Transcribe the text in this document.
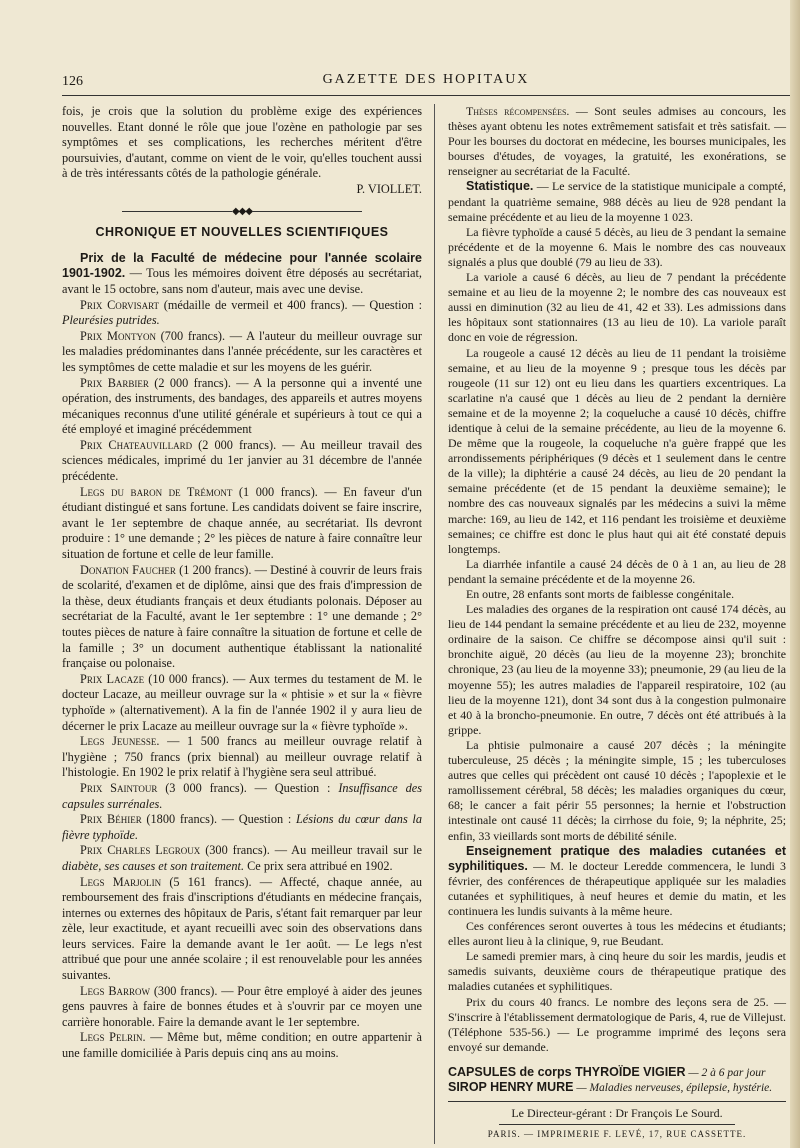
126	GAZETTE DES HOPITAUX

fois, je crois que la solution du problème exige des expériences nouvelles. Etant donné le rôle que joue l'ozène en pathologie par ses symptômes et ses complications, les recherches méritent d'être poursuivies, d'autant, comme on vient de le voir, qu'elles touchent aussi à de très intéressants côtés de la pathologie générale.

P. VIOLLET.
◆◆◆
CHRONIQUE ET NOUVELLES SCIENTIFIQUES

Prix de la Faculté de médecine pour l'année scolaire 1901-1902. — Tous les mémoires doivent être déposés au secrétariat, avant le 15 octobre, sans nom d'auteur, mais avec une devise.

Prix Corvisart (médaille de vermeil et 400 francs). — Question : Pleurésies putrides.

Prix Montyon (700 francs). — A l'auteur du meilleur ouvrage sur les maladies prédominantes dans l'année précédente, sur les caractères et les symptômes de cette maladie et sur les moyens de les guérir.

Prix Barbier (2 000 francs). — A la personne qui a inventé une opération, des instruments, des bandages, des appareils et autres moyens mécaniques reconnus d'une utilité générale et supérieurs à tout ce qui a été employé et imaginé précédemment

Prix Chateauvillard (2 000 francs). — Au meilleur travail des sciences médicales, imprimé du 1er janvier au 31 décembre de l'année précédente.

Legs du baron de Trémont (1 000 francs). — En faveur d'un étudiant distingué et sans fortune. Les candidats doivent se faire inscrire, avant le 1er septembre de chaque année, au secrétariat. Ils devront produire : 1° une demande ; 2° les pièces de nature à faire connaître leur situation de fortune et celle de leur famille.

Donation Faucher (1 200 francs). — Destiné à couvrir de leurs frais de scolarité, d'examen et de diplôme, ainsi que des frais d'impression de la thèse, deux étudiants français et deux étudiants polonais. Déposer au secrétariat de la Faculté, avant le 1er septembre : 1° une demande ; 2° toutes pièces de nature à faire connaître la situation de fortune et celle de la famille ; 3° un document authentique établissant la nationalité française ou polonaise.

Prix Lacaze (10 000 francs). — Aux termes du testament de M. le docteur Lacaze, au meilleur ouvrage sur la « phtisie » et sur la « fièvre typhoïde » (alternativement). A la fin de l'année 1902 il y aura lieu de décerner le prix Lacaze au meilleur ouvrage sur la « fièvre typhoïde ».

Legs Jeunesse. — 1 500 francs au meilleur ouvrage relatif à l'hygiène ; 750 francs (prix biennal) au meilleur ouvrage relatif à l'histologie. En 1902 le prix relatif à l'hygiène sera seul attribué.

Prix Saintour (3 000 francs). — Question : Insuffisance des capsules surrénales.

Prix Béhier (1800 francs). — Question : Lésions du cœur dans la fièvre typhoïde.

Prix Charles Legroux (300 francs). — Au meilleur travail sur le diabète, ses causes et son traitement. Ce prix sera attribué en 1902.

Legs Marjolin (5 161 francs). — Affecté, chaque année, au remboursement des frais d'inscriptions d'étudiants en médecine français, internes ou externes des hôpitaux de Paris, s'étant fait remarquer par leur zèle, leur exactitude, et ayant recueilli avec soin des observations dans leurs services. Faire la demande avant le 1er août. — Le legs n'est attribué que pour une année scolaire ; il est renouvelable pour les années suivantes.

Legs Barrow (300 francs). — Pour être employé à aider des jeunes gens pauvres à faire de bonnes études et à s'ouvrir par ce moyen une carrière honorable. Faire la demande avant le 1er septembre.

Legs Pelrin. — Même but, même condition; en outre appartenir à une famille domiciliée à Paris depuis cinq ans au moins.

Thèses récompensées. — Sont seules admises au concours, les thèses ayant obtenu les notes extrêmement satisfait et très satisfait. — Pour les bourses du doctorat en médecine, les bourses municipales, les bourses d'études, de voyages, la gratuité, les exonérations, se renseigner au secrétariat de la Faculté.

Statistique. — Le service de la statistique municipale a compté, pendant la quatrième semaine, 988 décès au lieu de 928 pendant la semaine précédente et au lieu de la moyenne 1 023.

La fièvre typhoïde a causé 5 décès, au lieu de 3 pendant la semaine précédente et de la moyenne 6. Mais le nombre des cas nouveaux signalés a plus que doublé (79 au lieu de 33).

La variole a causé 6 décès, au lieu de 7 pendant la précédente semaine et au lieu de la moyenne 2; le nombre des cas nouveaux est aussi en diminution (32 au lieu de 41, 42 et 33). Les admissions dans les hôpitaux sont stationnaires (13 au lieu de 10). La variole paraît donc en voie de régression.

La rougeole a causé 12 décès au lieu de 11 pendant la troisième semaine, et au lieu de la moyenne 9 ; presque tous les décès par rougeole (11 sur 12) ont eu lieu dans les quartiers excentriques. La scarlatine n'a causé que 1 décès au lieu de 2 pendant la dernière semaine et de la moyenne 2; la coqueluche a causé 10 décès, chiffre identique à celui de la semaine précédente, au lieu de la moyenne 6. De même que la rougeole, la coqueluche n'a guère frappé que les arrondissements périphériques (9 décès et 1 seulement dans le centre de la ville); la diphtérie a causé 24 décès, au lieu de 20 pendant la semaine précédente (et de 15 pendant la deuxième semaine); le nombre des cas nouveaux signalés par les médecins a suivi la même marche: 169, au lieu de 142, et 116 pendant les troisième et deuxième semaines; ce chiffre est donc le plus haut qui ait été constaté depuis longtemps.

La diarrhée infantile a causé 24 décès de 0 à 1 an, au lieu de 28 pendant la semaine précédente et de la moyenne 26.

En outre, 28 enfants sont morts de faiblesse congénitale.

Les maladies des organes de la respiration ont causé 174 décès, au lieu de 144 pendant la semaine précédente et au lieu de 232, moyenne ordinaire de la saison. Ce chiffre se décompose ainsi qu'il suit : bronchite aiguë, 20 décès (au lieu de la moyenne 23); bronchite chronique, 23 (au lieu de la moyenne 33); pneumonie, 29 (au lieu de la moyenne 55); les autres maladies de l'appareil respiratoire, 102 (au lieu de la moyenne 121), dont 34 sont dus à la congestion pulmonaire et 40 à la broncho-pneumonie. En outre, 7 décès ont été attribués à la grippe.

La phtisie pulmonaire a causé 207 décès ; la méningite tuberculeuse, 25 décès ; la méningite simple, 15 ; les tuberculoses autres que celles qui précèdent ont causé 10 décès ; l'apoplexie et le ramollissement cérébral, 58 décès; les maladies organiques du cœur, 68; le cancer a fait périr 55 personnes; la hernie et l'obstruction intestinale ont causé 11 décès; la cirrhose du foie, 9; la néphrite, 25; enfin, 33 vieillards sont morts de débilité sénile.

Enseignement pratique des maladies cutanées et syphilitiques. — M. le docteur Leredde commencera, le lundi 3 février, des conférences de thérapeutique appliquée sur les maladies cutanées et syphilitiques, à neuf heures et demie du matin, et les continuera les lundis suivants à la même heure.

Ces conférences seront ouvertes à tous les médecins et étudiants; elles auront lieu à la clinique, 9, rue Beudant.

Le samedi premier mars, à cinq heure du soir les mardis, jeudis et samedis suivants, deuxième cours de thérapeutique pratique des maladies cutanées et syphilitiques.

Prix du cours 40 francs. Le nombre des leçons sera de 25. — S'inscrire à l'établissement dermatologique de Paris, 4, rue de Villejust. (Téléphone 535-56.) — Le programme imprimé des leçons sera envoyé sur demande.

CAPSULES de corps THYROÏDE VIGIER — 2 à 6 par jour
SIROP HENRY MURE — Maladies nerveuses, épilepsie, hystérie.
Le Directeur-gérant : Dr François Le Sourd.
PARIS. — IMPRIMERIE F. LEVÉ, 17, RUE CASSETTE.
